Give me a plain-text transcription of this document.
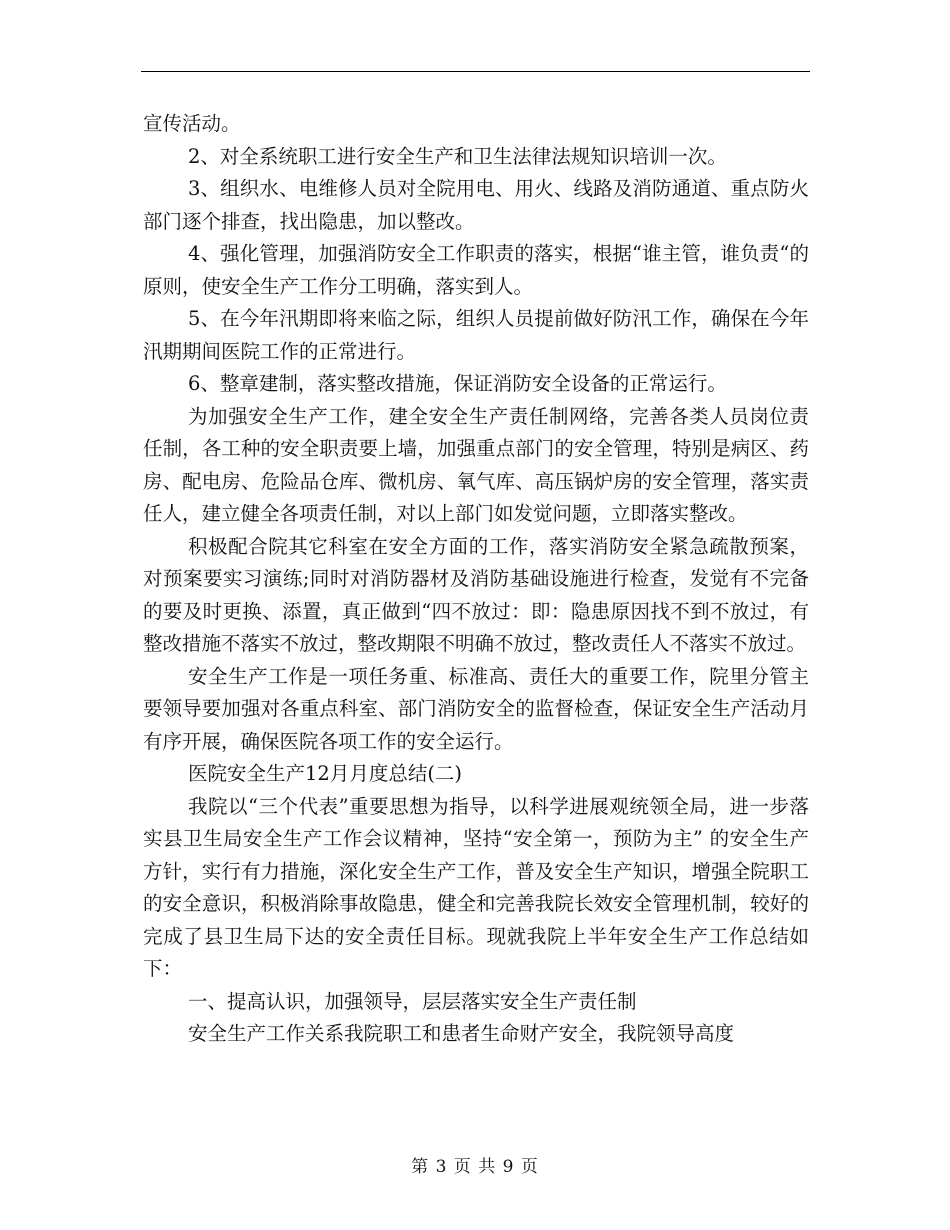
宣传活动。

2、对全系统职工进行安全生产和卫生法律法规知识培训一次。

3、组织水、电维修人员对全院用电、用火、线路及消防通道、重点防火部门逐个排查，找出隐患，加以整改。

4、强化管理，加强消防安全工作职责的落实，根据“谁主管，谁负责“的原则，使安全生产工作分工明确，落实到人。

5、在今年汛期即将来临之际，组织人员提前做好防汛工作，确保在今年汛期期间医院工作的正常进行。

6、整章建制，落实整改措施，保证消防安全设备的正常运行。

为加强安全生产工作，建全安全生产责任制网络，完善各类人员岗位责任制，各工种的安全职责要上墙，加强重点部门的安全管理，特别是病区、药房、配电房、危险品仓库、微机房、氧气库、高压锅炉房的安全管理，落实责任人，建立健全各项责任制，对以上部门如发觉问题，立即落实整改。

积极配合院其它科室在安全方面的工作，落实消防安全紧急疏散预案，对预案要实习演练;同时对消防器材及消防基础设施进行检查，发觉有不完备的要及时更换、添置，真正做到“四不放过：即：隐患原因找不到不放过，有整改措施不落实不放过，整改期限不明确不放过，整改责任人不落实不放过。

安全生产工作是一项任务重、标准高、责任大的重要工作，院里分管主要领导要加强对各重点科室、部门消防安全的监督检查，保证安全生产活动月有序开展，确保医院各项工作的安全运行。

医院安全生产12月月度总结(二)

我院以“三个代表”重要思想为指导，以科学进展观统领全局，进一步落实县卫生局安全生产工作会议精神，坚持“安全第一，预防为主” 的安全生产方针，实行有力措施，深化安全生产工作，普及安全生产知识，增强全院职工的安全意识，积极消除事故隐患，健全和完善我院长效安全管理机制，较好的完成了县卫生局下达的安全责任目标。现就我院上半年安全生产工作总结如下：

一、提高认识，加强领导，层层落实安全生产责任制

安全生产工作关系我院职工和患者生命财产安全，我院领导高度

第 3 页 共 9 页
